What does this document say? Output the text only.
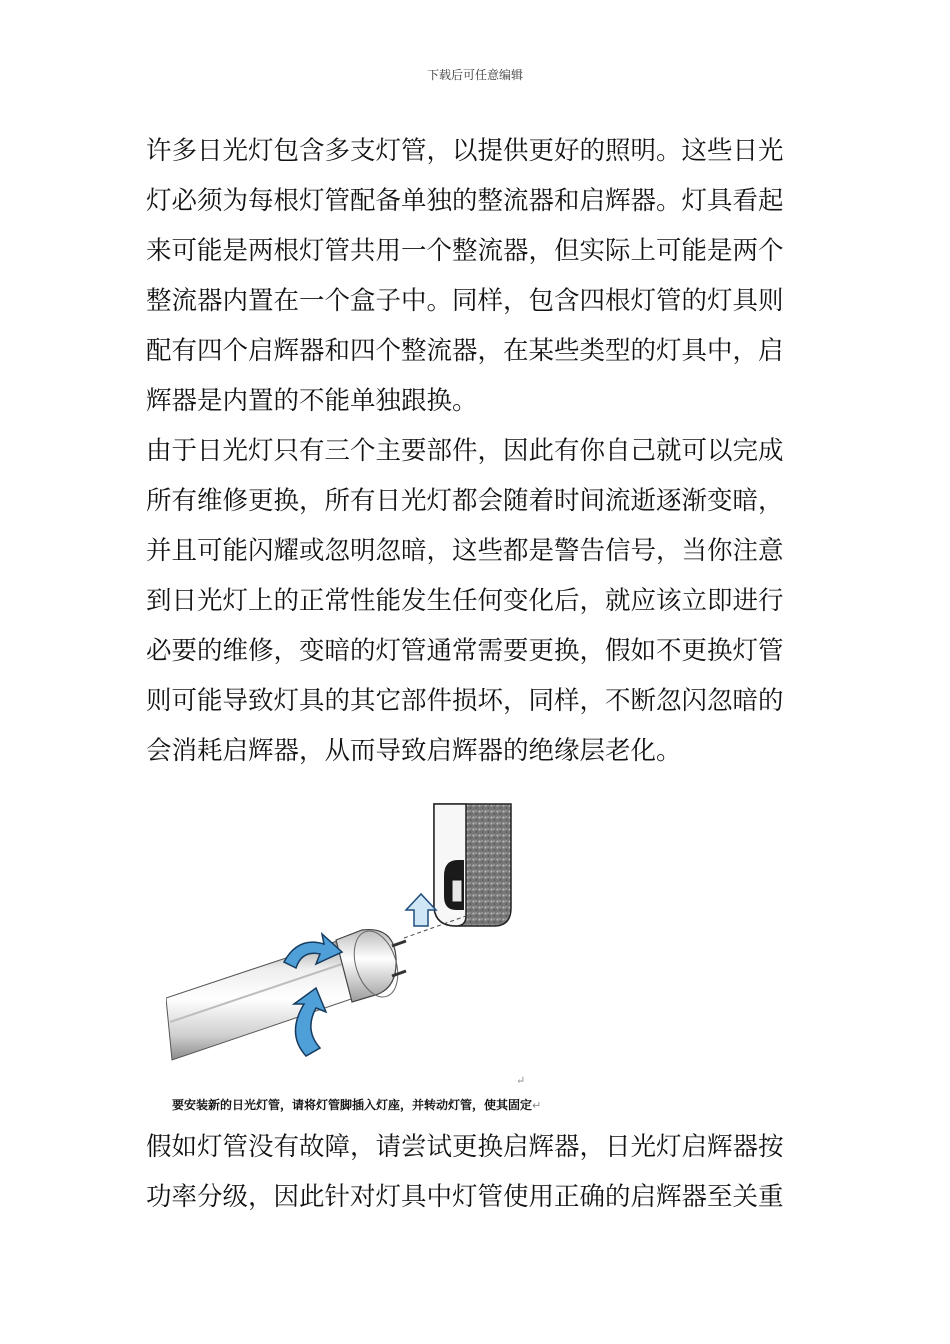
下载后可任意编辑
许多日光灯包含多支灯管，以提供更好的照明。这些日光
灯必须为每根灯管配备单独的整流器和启辉器。灯具看起
来可能是两根灯管共用一个整流器，但实际上可能是两个
整流器内置在一个盒子中。同样，包含四根灯管的灯具则
配有四个启辉器和四个整流器，在某些类型的灯具中，启
辉器是内置的不能单独跟换。
由于日光灯只有三个主要部件，因此有你自己就可以完成
所有维修更换，所有日光灯都会随着时间流逝逐渐变暗，
并且可能闪耀或忽明忽暗，这些都是警告信号，当你注意
到日光灯上的正常性能发生任何变化后，就应该立即进行
必要的维修，变暗的灯管通常需要更换，假如不更换灯管
则可能导致灯具的其它部件损坏，同样，不断忽闪忽暗的
会消耗启辉器，从而导致启辉器的绝缘层老化。
↵
要安装新的日光灯管，请将灯管脚插入灯座，并转动灯管，使其固定↵
假如灯管没有故障，请尝试更换启辉器，日光灯启辉器按
功率分级，因此针对灯具中灯管使用正确的启辉器至关重
